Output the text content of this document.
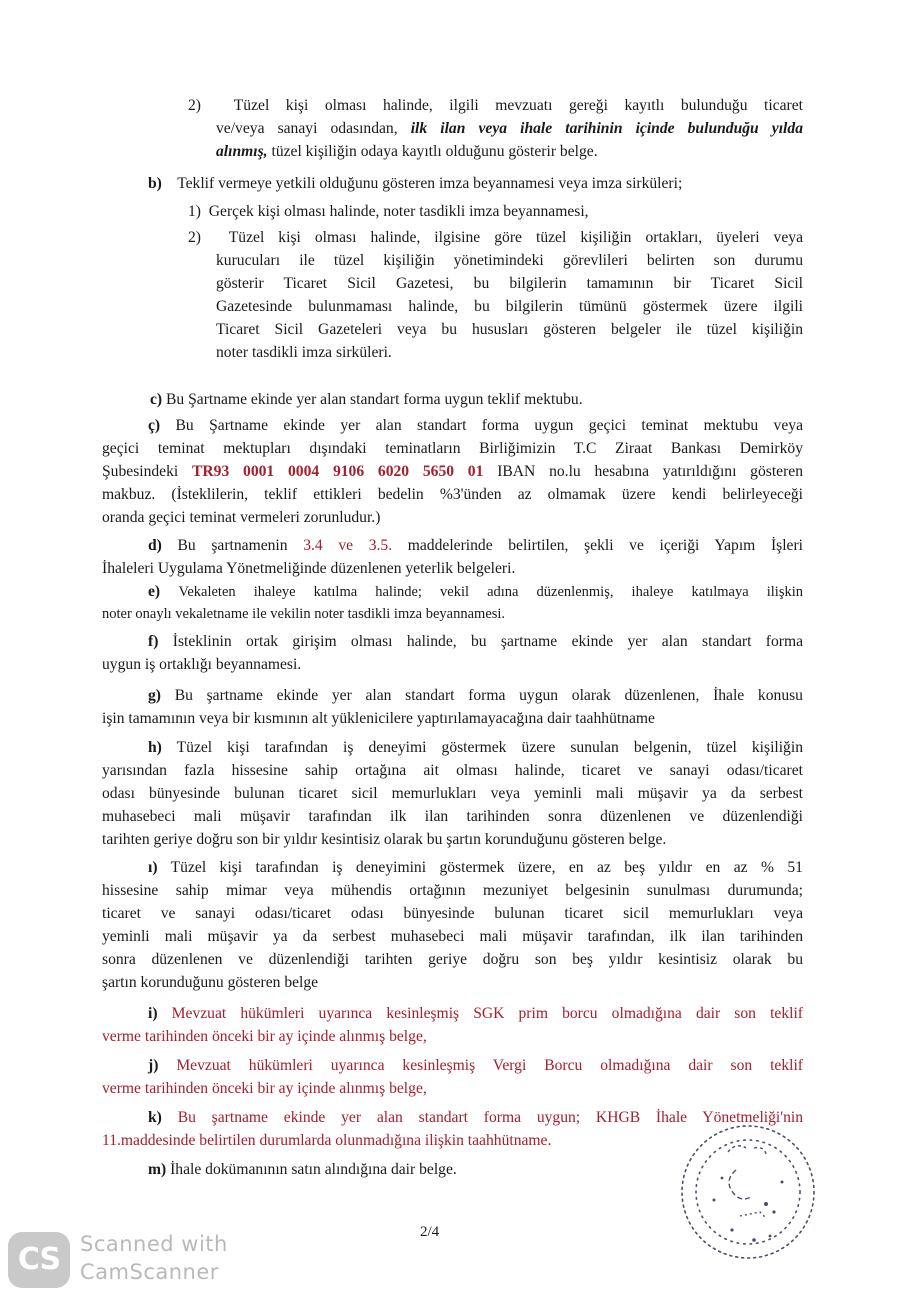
2) Tüzel kişi olması halinde, ilgili mevzuatı gereği kayıtlı bulunduğu ticaret
ve/veya sanayi odasından, ilk ilan veya ihale tarihinin içinde bulunduğu yılda
alınmış, tüzel kişiliğin odaya kayıtlı olduğunu gösterir belge.
b) Teklif vermeye yetkili olduğunu gösteren imza beyannamesi veya imza sirküleri;
1) Gerçek kişi olması halinde, noter tasdikli imza beyannamesi,
2) Tüzel kişi olması halinde, ilgisine göre tüzel kişiliğin ortakları, üyeleri veya
kurucuları ile tüzel kişiliğin yönetimindeki görevlileri belirten son durumu
gösterir Ticaret Sicil Gazetesi, bu bilgilerin tamamının bir Ticaret Sicil
Gazetesinde bulunmaması halinde, bu bilgilerin tümünü göstermek üzere ilgili
Ticaret Sicil Gazeteleri veya bu hususları gösteren belgeler ile tüzel kişiliğin
noter tasdikli imza sirküleri.
c) Bu Şartname ekinde yer alan standart forma uygun teklif mektubu.
ç) Bu Şartname ekinde yer alan standart forma uygun geçici teminat mektubu veya
geçici teminat mektupları dışındaki teminatların Birliğimizin T.C Ziraat Bankası Demirköy
Şubesindeki TR93 0001 0004 9106 6020 5650 01 IBAN no.lu hesabına yatırıldığını gösteren
makbuz. (İsteklilerin, teklif ettikleri bedelin %3'ünden az olmamak üzere kendi belirleyeceği
oranda geçici teminat vermeleri zorunludur.)
d) Bu şartnamenin 3.4 ve 3.5. maddelerinde belirtilen, şekli ve içeriği Yapım İşleri
İhaleleri Uygulama Yönetmeliğinde düzenlenen yeterlik belgeleri.
e) Vekaleten ihaleye katılma halinde; vekil adına düzenlenmiş, ihaleye katılmaya ilişkin
noter onaylı vekaletname ile vekilin noter tasdikli imza beyannamesi.
f) İsteklinin ortak girişim olması halinde, bu şartname ekinde yer alan standart forma
uygun iş ortaklığı beyannamesi.
g) Bu şartname ekinde yer alan standart forma uygun olarak düzenlenen, İhale konusu
işin tamamının veya bir kısmının alt yüklenicilere yaptırılamayacağına dair taahhütname
h) Tüzel kişi tarafından iş deneyimi göstermek üzere sunulan belgenin, tüzel kişiliğin
yarısından fazla hissesine sahip ortağına ait olması halinde, ticaret ve sanayi odası/ticaret
odası bünyesinde bulunan ticaret sicil memurlukları veya yeminli mali müşavir ya da serbest
muhasebeci mali müşavir tarafından ilk ilan tarihinden sonra düzenlenen ve düzenlendiği
tarihten geriye doğru son bir yıldır kesintisiz olarak bu şartın korunduğunu gösteren belge.
ı) Tüzel kişi tarafından iş deneyimini göstermek üzere, en az beş yıldır en az % 51
hissesine sahip mimar veya mühendis ortağının mezuniyet belgesinin sunulması durumunda;
ticaret ve sanayi odası/ticaret odası bünyesinde bulunan ticaret sicil memurlukları veya
yeminli mali müşavir ya da serbest muhasebeci mali müşavir tarafından, ilk ilan tarihinden
sonra düzenlenen ve düzenlendiği tarihten geriye doğru son beş yıldır kesintisiz olarak bu
şartın korunduğunu gösteren belge
i) Mevzuat hükümleri uyarınca kesinleşmiş SGK prim borcu olmadığına dair son teklif
verme tarihinden önceki bir ay içinde alınmış belge,
j) Mevzuat hükümleri uyarınca kesinleşmiş Vergi Borcu olmadığına dair son teklif
verme tarihinden önceki bir ay içinde alınmış belge,
k) Bu şartname ekinde yer alan standart forma uygun; KHGB İhale Yönetmeliği'nin
11.maddesinde belirtilen durumlarda olunmadığına ilişkin taahhütname.
m) İhale dokümanının satın alındığına dair belge.
2/4
CS Scanned with
CamScanner
